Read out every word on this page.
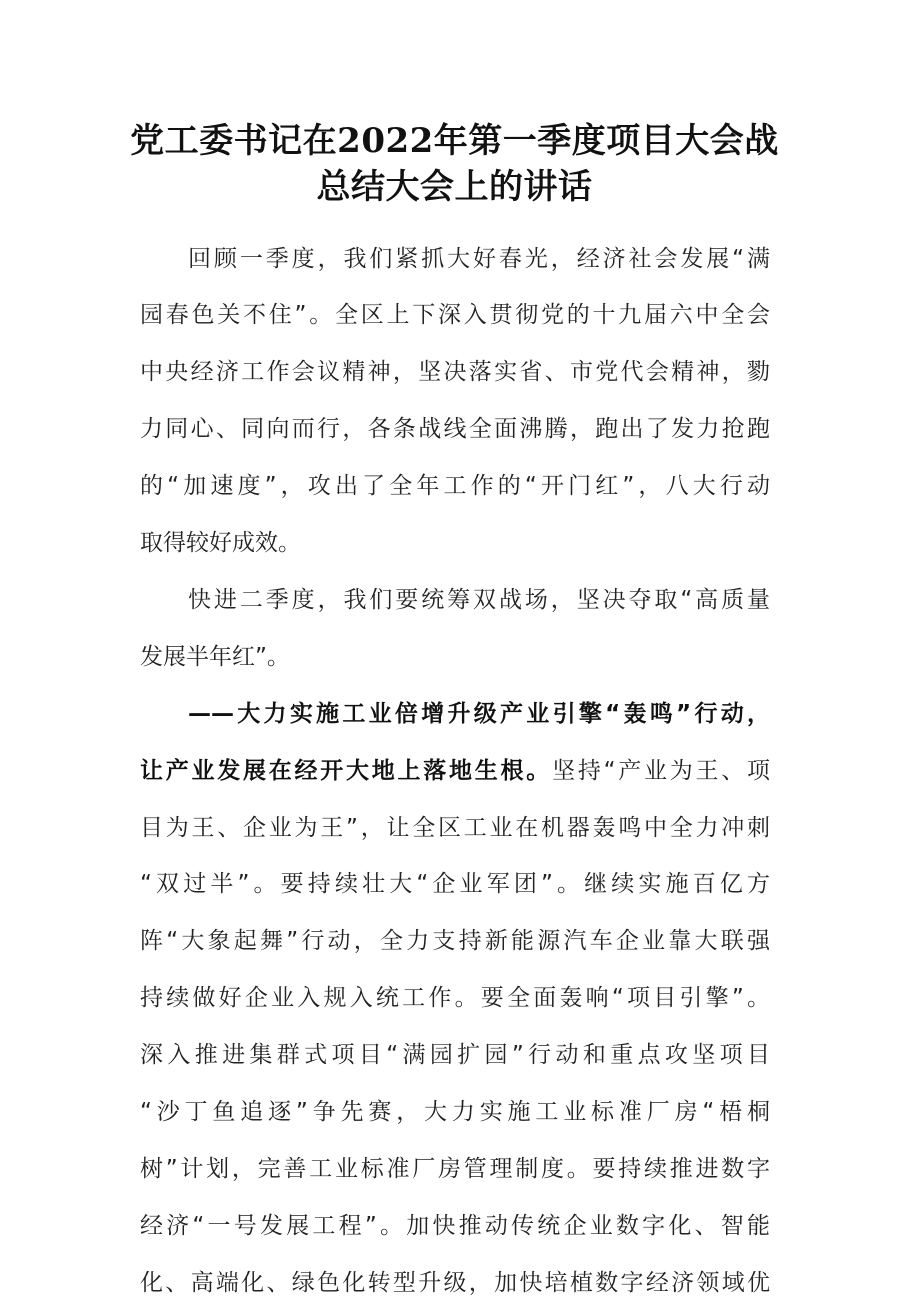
党工委书记在2022年第一季度项目大会战
总结大会上的讲话
回顾一季度，我们紧抓大好春光，经济社会发展“满
园春色关不住”。全区上下深入贯彻党的十九届六中全会
中央经济工作会议精神，坚决落实省、市党代会精神，勠
力同心、同向而行，各条战线全面沸腾，跑出了发力抢跑
的“加速度”，攻出了全年工作的“开门红”，八大行动
取得较好成效。
快进二季度，我们要统筹双战场，坚决夺取“高质量
发展半年红”。
——大力实施工业倍增升级产业引擎“轰鸣”行动，
让产业发展在经开大地上落地生根。坚持“产业为王、项
目为王、企业为王”，让全区工业在机器轰鸣中全力冲刺
“双过半”。要持续壮大“企业军团”。继续实施百亿方
阵“大象起舞”行动，全力支持新能源汽车企业靠大联强
持续做好企业入规入统工作。要全面轰响“项目引擎”。
深入推进集群式项目“满园扩园”行动和重点攻坚项目
“沙丁鱼追逐”争先赛，大力实施工业标准厂房“梧桐
树”计划，完善工业标准厂房管理制度。要持续推进数字
经济“一号发展工程”。加快推动传统企业数字化、智能
化、高端化、绿色化转型升级，加快培植数字经济领域优
